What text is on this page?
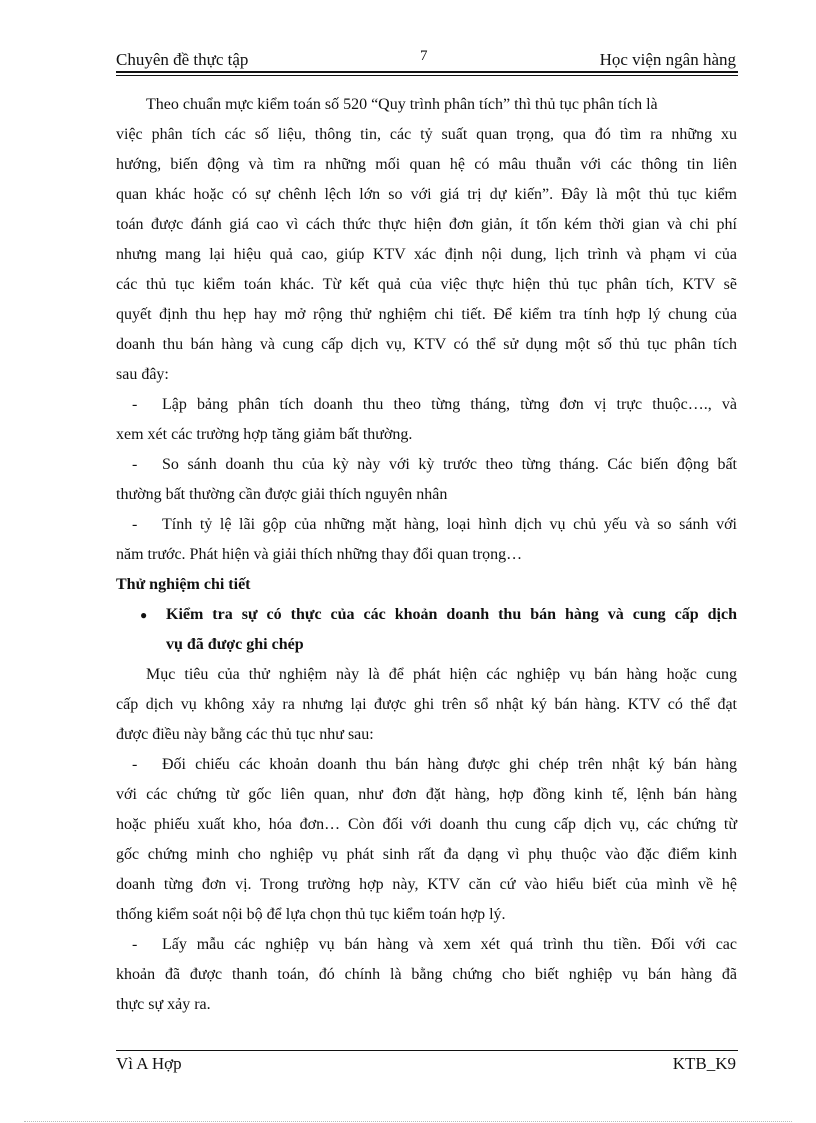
Chuyên đề thực tập	7	Học viện ngân hàng
Theo chuẩn mực kiểm toán số 520 “Quy trình phân tích” thì thủ tục phân tích là
việc phân tích các số liệu, thông tin, các tỷ suất quan trọng, qua đó tìm ra những xu
hướng, biến động và tìm ra những mối quan hệ có mâu thuẫn với các thông tin liên
quan khác hoặc có sự chênh lệch lớn so với giá trị dự kiến”. Đây là một thủ tục kiểm
toán được đánh giá cao vì cách thức thực hiện đơn giản, ít tốn kém thời gian và chi phí
nhưng mang lại hiệu quả cao, giúp KTV xác định nội dung, lịch trình và phạm vi của
các thủ tục kiểm toán khác. Từ kết quả của việc thực hiện thủ tục phân tích, KTV sẽ
quyết định thu hẹp hay mở rộng thử nghiệm chi tiết. Để kiểm tra tính hợp lý chung của
doanh thu bán hàng và cung cấp dịch vụ, KTV có thể sử dụng một số thủ tục phân tích
sau đây:
- Lập bảng phân tích doanh thu theo từng tháng, từng đơn vị trực thuộc…., và
xem xét các trường hợp tăng giảm bất thường.
- So sánh doanh thu của kỳ này với kỳ trước theo từng tháng. Các biến động bất
thường bất thường cần được giải thích nguyên nhân
- Tính tỷ lệ lãi gộp của những mặt hàng, loại hình dịch vụ chủ yếu và so sánh với
năm trước. Phát hiện và giải thích những thay đổi quan trọng…
Thử nghiệm chi tiết
●	Kiểm tra sự có thực của các khoản doanh thu bán hàng và cung cấp dịch
vụ đã được ghi chép
Mục tiêu của thử nghiệm này là để phát hiện các nghiệp vụ bán hàng hoặc cung
cấp dịch vụ không xảy ra nhưng lại được ghi trên sổ nhật ký bán hàng. KTV có thể đạt
được điều này bằng các thủ tục như sau:
- Đối chiếu các khoản doanh thu bán hàng được ghi chép trên nhật ký bán hàng
với các chứng từ gốc liên quan, như đơn đặt hàng, hợp đồng kinh tế, lệnh bán hàng
hoặc phiếu xuất kho, hóa đơn… Còn đối với doanh thu cung cấp dịch vụ, các chứng từ
gốc chứng minh cho nghiệp vụ phát sinh rất đa dạng vì phụ thuộc vào đặc điểm kinh
doanh từng đơn vị. Trong trường hợp này, KTV căn cứ vào hiểu biết của mình về hệ
thống kiểm soát nội bộ để lựa chọn thủ tục kiểm toán hợp lý.
- Lấy mẫu các nghiệp vụ bán hàng và xem xét quá trình thu tiền. Đối với cac
khoản đã được thanh toán, đó chính là bằng chứng cho biết nghiệp vụ bán hàng đã
thực sự xảy ra.
Vì A Hợp	KTB_K9
